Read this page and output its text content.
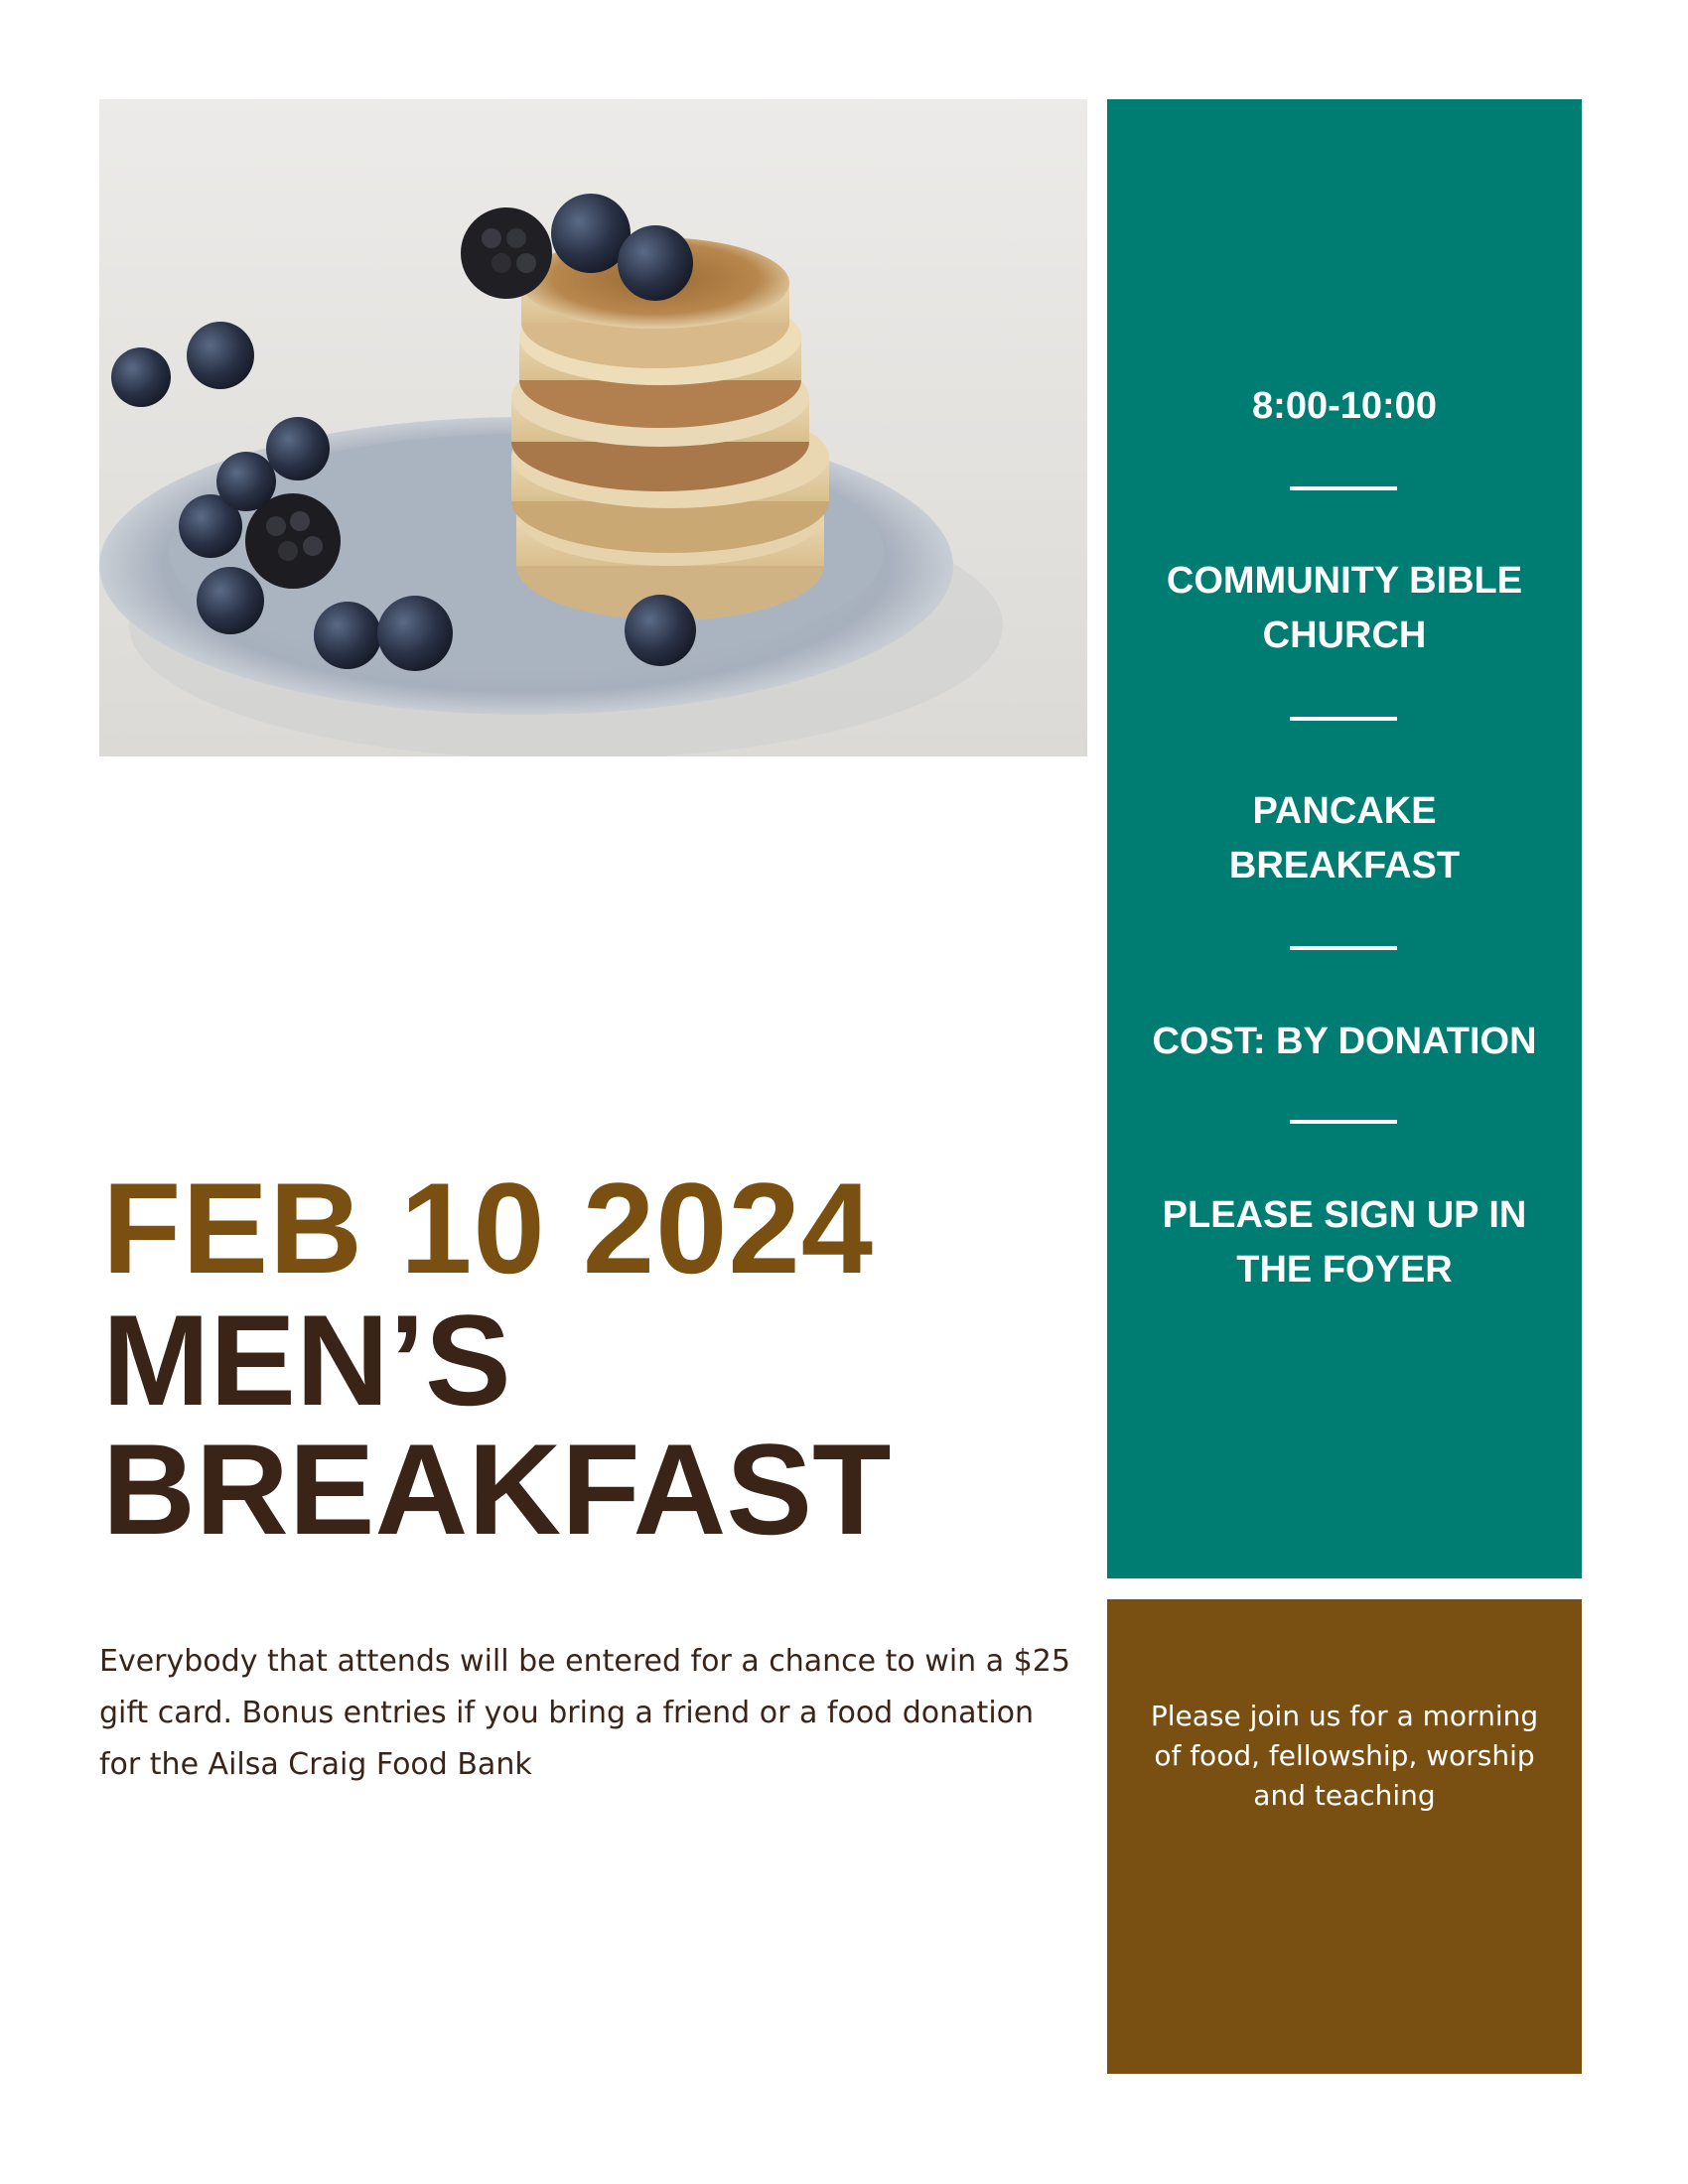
FEB 10 2024
MEN’S
BREAKFAST

Everybody that attends will be entered for a chance to win a $25 gift card. Bonus entries if you bring a friend or a food donation for the Ailsa Craig Food Bank

8:00-10:00
COMMUNITY BIBLE
CHURCH
PANCAKE
BREAKFAST
COST: BY DONATION
PLEASE SIGN UP IN
THE FOYER

Please join us for a morning
of food, fellowship, worship
and teaching
